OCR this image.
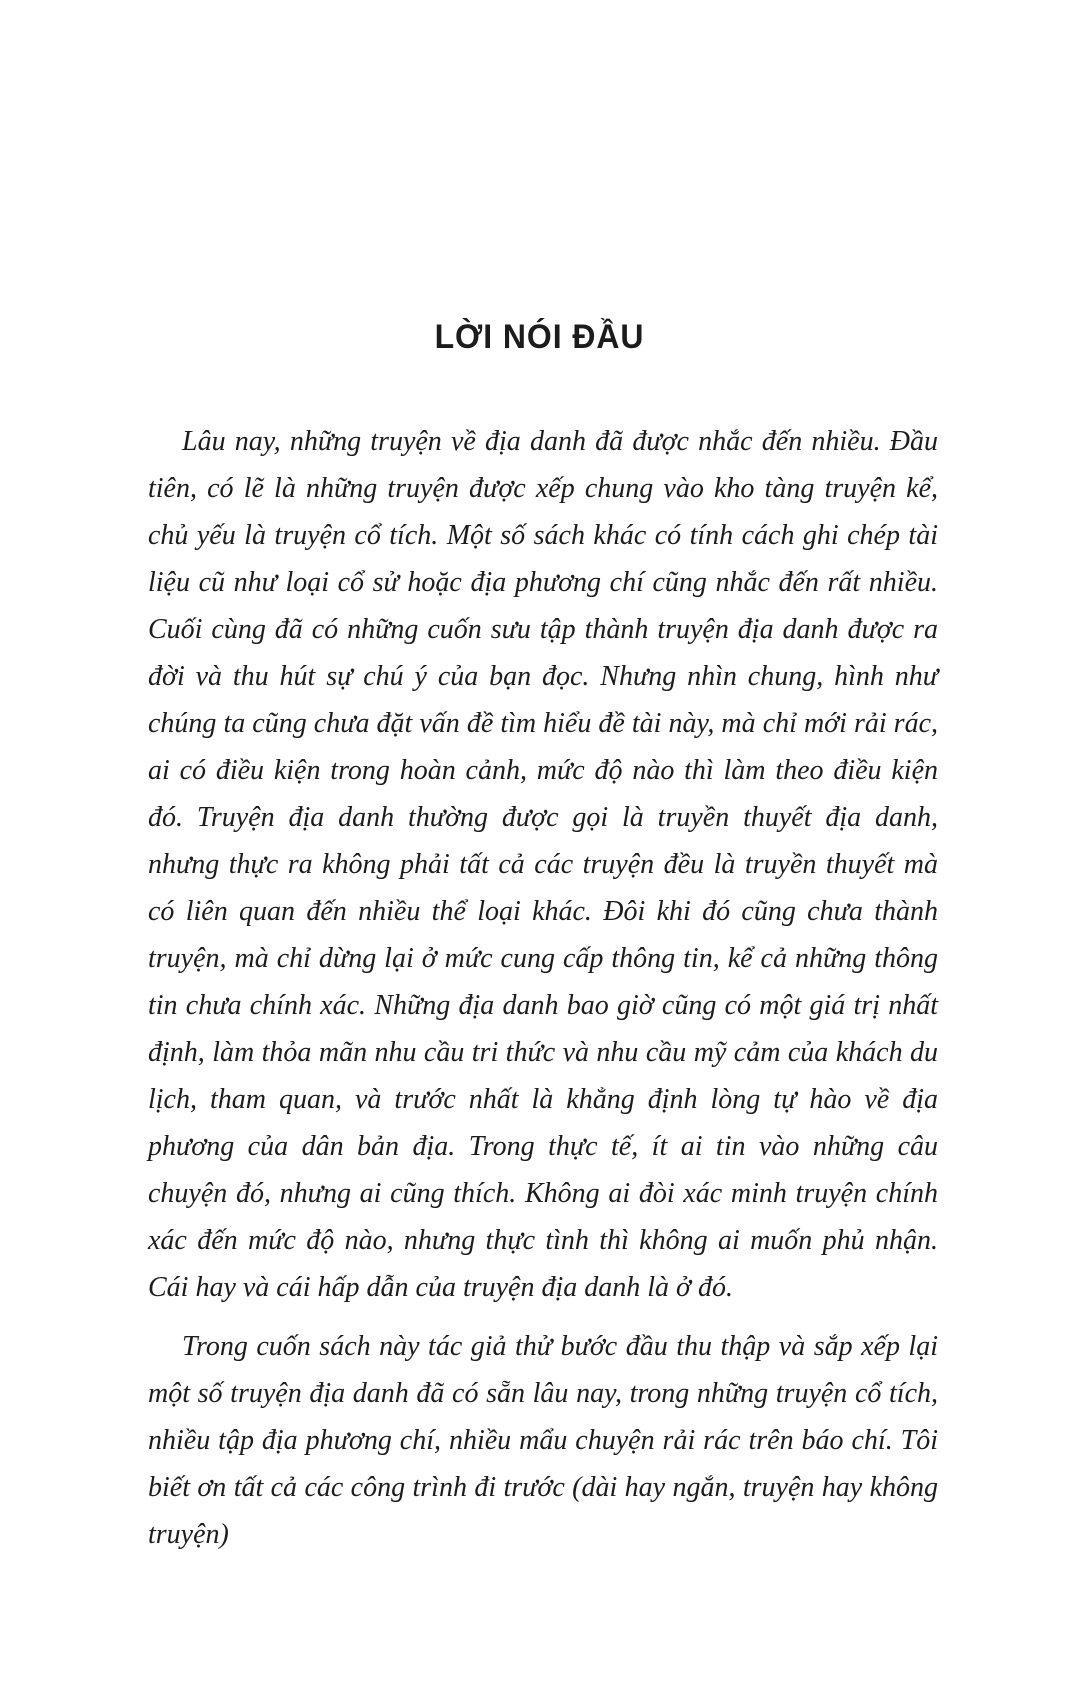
LỜI NÓI ĐẦU

Lâu nay, những truyện về địa danh đã được nhắc đến nhiều. Đầu tiên, có lẽ là những truyện được xếp chung vào kho tàng truyện kể, chủ yếu là truyện cổ tích. Một số sách khác có tính cách ghi chép tài liệu cũ như loại cổ sử hoặc địa phương chí cũng nhắc đến rất nhiều. Cuối cùng đã có những cuốn sưu tập thành truyện địa danh được ra đời và thu hút sự chú ý của bạn đọc. Nhưng nhìn chung, hình như chúng ta cũng chưa đặt vấn đề tìm hiểu đề tài này, mà chỉ mới rải rác, ai có điều kiện trong hoàn cảnh, mức độ nào thì làm theo điều kiện đó. Truyện địa danh thường được gọi là truyền thuyết địa danh, nhưng thực ra không phải tất cả các truyện đều là truyền thuyết mà có liên quan đến nhiều thể loại khác. Đôi khi đó cũng chưa thành truyện, mà chỉ dừng lại ở mức cung cấp thông tin, kể cả những thông tin chưa chính xác. Những địa danh bao giờ cũng có một giá trị nhất định, làm thỏa mãn nhu cầu tri thức và nhu cầu mỹ cảm của khách du lịch, tham quan, và trước nhất là khẳng định lòng tự hào về địa phương của dân bản địa. Trong thực tế, ít ai tin vào những câu chuyện đó, nhưng ai cũng thích. Không ai đòi xác minh truyện chính xác đến mức độ nào, nhưng thực tình thì không ai muốn phủ nhận. Cái hay và cái hấp dẫn của truyện địa danh là ở đó.

Trong cuốn sách này tác giả thử bước đầu thu thập và sắp xếp lại một số truyện địa danh đã có sẵn lâu nay, trong những truyện cổ tích, nhiều tập địa phương chí, nhiều mẩu chuyện rải rác trên báo chí. Tôi biết ơn tất cả các công trình đi trước (dài hay ngắn, truyện hay không truyện)
